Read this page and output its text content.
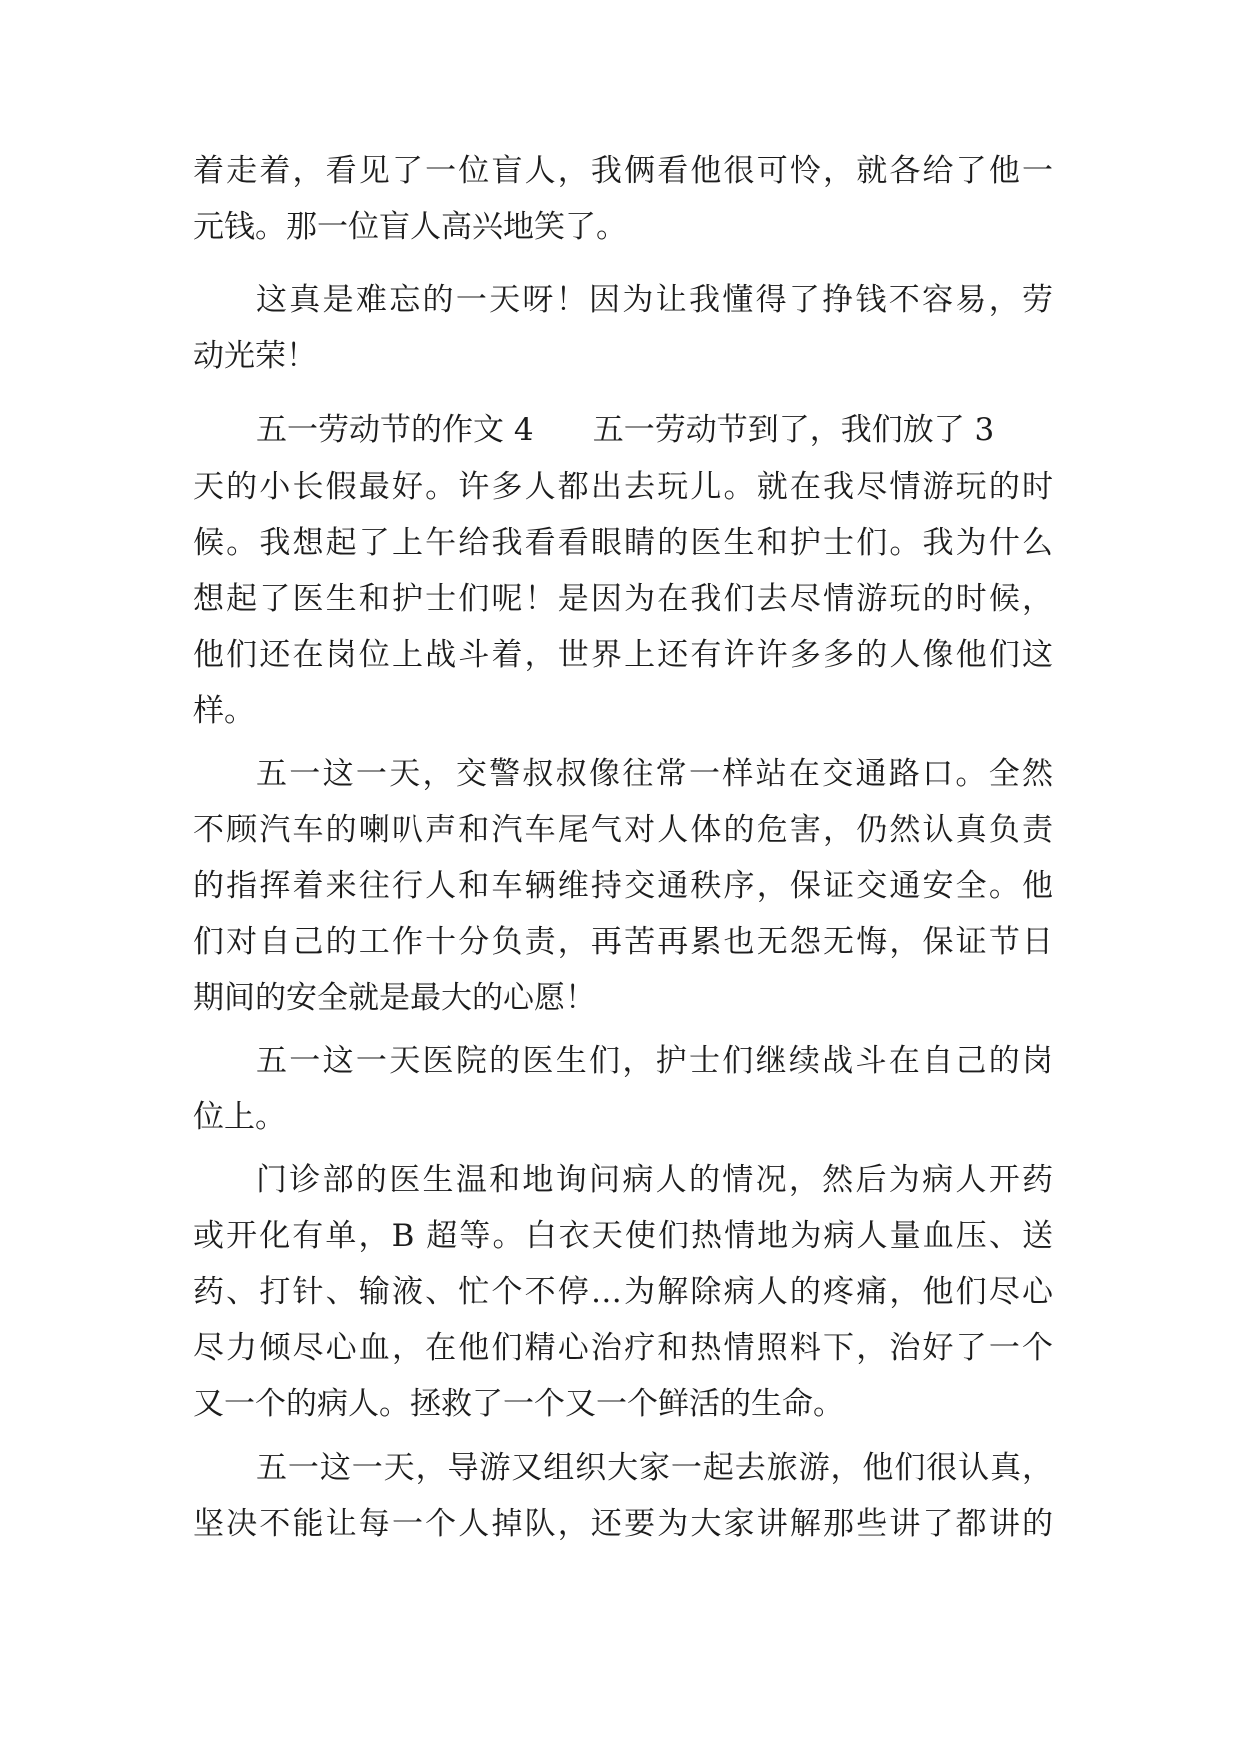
着走着，看见了一位盲人，我俩看他很可怜，就各给了他一
元钱。那一位盲人高兴地笑了。
这真是难忘的一天呀！因为让我懂得了挣钱不容易，劳
动光荣！
五一劳动节的作文 4      五一劳动节到了，我们放了 3
天的小长假最好。许多人都出去玩儿。就在我尽情游玩的时
候。我想起了上午给我看看眼睛的医生和护士们。我为什么
想起了医生和护士们呢！是因为在我们去尽情游玩的时候，
他们还在岗位上战斗着，世界上还有许许多多的人像他们这
样。
五一这一天，交警叔叔像往常一样站在交通路口。全然
不顾汽车的喇叭声和汽车尾气对人体的危害，仍然认真负责
的指挥着来往行人和车辆维持交通秩序，保证交通安全。他
们对自己的工作十分负责，再苦再累也无怨无悔，保证节日
期间的安全就是最大的心愿！
五一这一天医院的医生们，护士们继续战斗在自己的岗
位上。
门诊部的医生温和地询问病人的情况，然后为病人开药
或开化有单，B 超等。白衣天使们热情地为病人量血压、送
药、打针、输液、忙个不停…为解除病人的疼痛，他们尽心
尽力倾尽心血，在他们精心治疗和热情照料下，治好了一个
又一个的病人。拯救了一个又一个鲜活的生命。
五一这一天，导游又组织大家一起去旅游，他们很认真，
坚决不能让每一个人掉队，还要为大家讲解那些讲了都讲的
